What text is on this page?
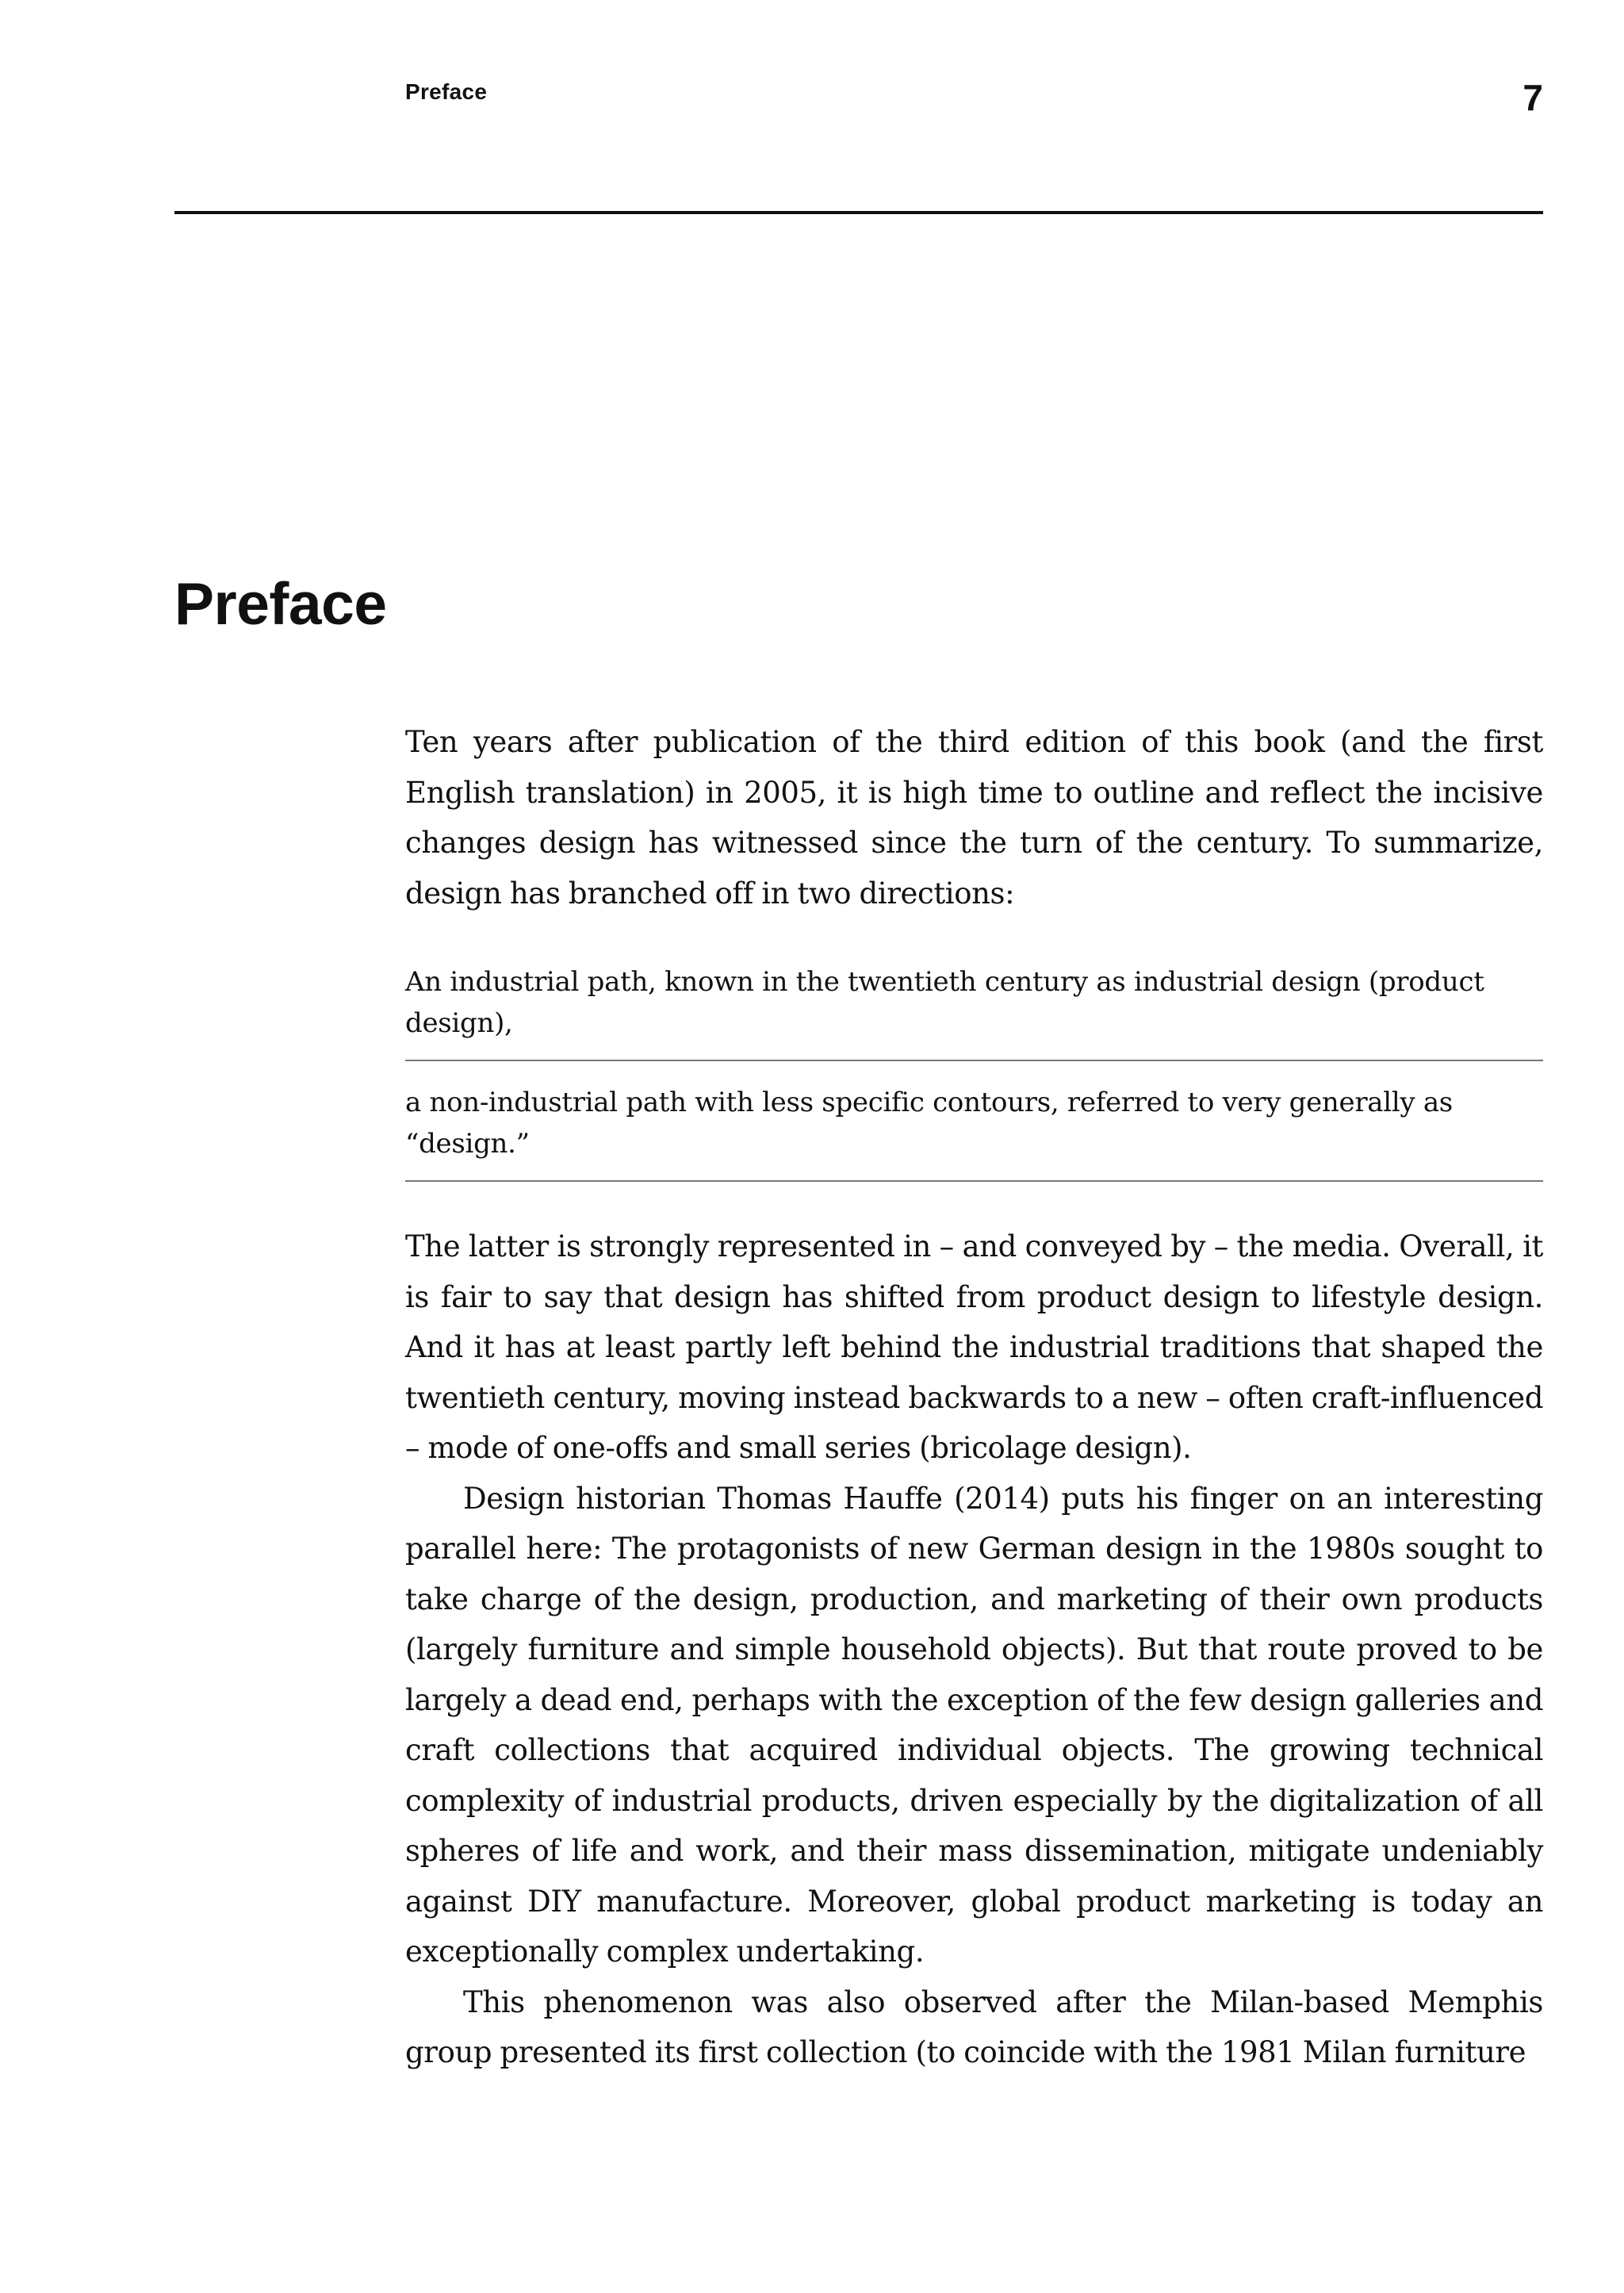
Preface	7
Preface

Ten years after publication of the third edition of this book (and the first English translation) in 2005, it is high time to outline and reflect the incisive changes design has witnessed since the turn of the century. To summarize, design has branched off in two directions:

An industrial path, known in the twentieth century as industrial design (product design),
a non-industrial path with less specific contours, referred to very generally as “design.”

The latter is strongly represented in – and conveyed by – the media. Overall, it is fair to say that design has shifted from product design to lifestyle design. And it has at least partly left behind the industrial traditions that shaped the twentieth century, moving instead backwards to a new – often craft-influenced – mode of one-offs and small series (bricolage design).

Design historian Thomas Hauffe (2014) puts his finger on an interesting parallel here: The protagonists of new German design in the 1980s sought to take charge of the design, production, and marketing of their own products (largely furniture and simple household objects). But that route proved to be largely a dead end, perhaps with the exception of the few design galleries and craft collections that acquired individual objects. The growing technical complexity of industrial products, driven especially by the digitalization of all spheres of life and work, and their mass dissemination, mitigate undeniably against DIY manufacture. Moreover, global product marketing is today an exceptionally complex undertaking.

This phenomenon was also observed after the Milan-based Memphis group presented its first collection (to coincide with the 1981 Milan furniture
